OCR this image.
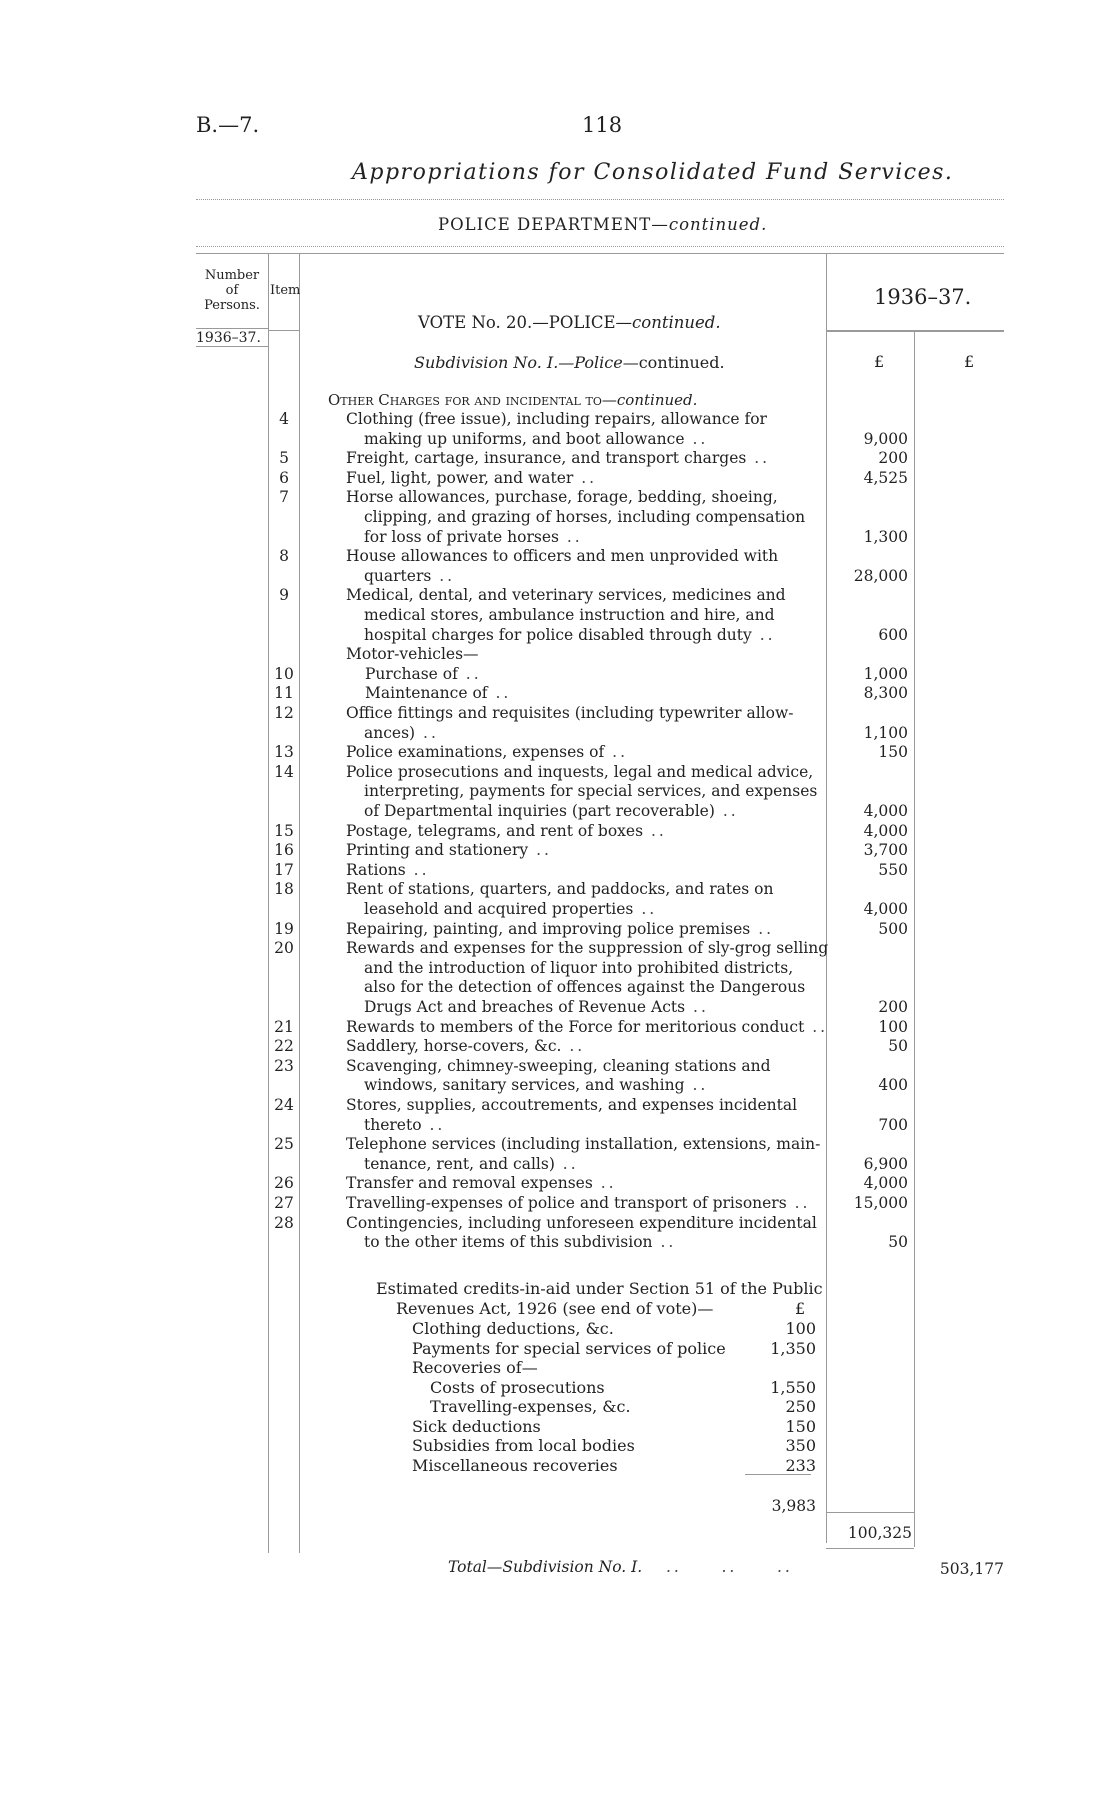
B.—7.	118
Appropriations for Consolidated Fund Services.
POLICE DEPARTMENT—continued.
Number
of
Persons.
Item
1936–37.
1936–37.
£	£
VOTE No. 20.—POLICE—continued.
Subdivision No. I.—Police—continued.
Other Charges for and incidental to—continued.
4	Clothing (free issue), including repairs, allowance for
making up uniforms, and boot allowance ..	9,000
5	Freight, cartage, insurance, and transport charges ..	200
6	Fuel, light, power, and water ..	4,525
7	Horse allowances, purchase, forage, bedding, shoeing,
clipping, and grazing of horses, including compensation
for loss of private horses ..	1,300
8	House allowances to officers and men unprovided with
quarters ..	28,000
9	Medical, dental, and veterinary services, medicines and
medical stores, ambulance instruction and hire, and
hospital charges for police disabled through duty ..	600
Motor-vehicles—
10	Purchase of ..	1,000
11	Maintenance of ..	8,300
12	Office fittings and requisites (including typewriter allow-
ances) ..	1,100
13	Police examinations, expenses of ..	150
14	Police prosecutions and inquests, legal and medical advice,
interpreting, payments for special services, and expenses
of Departmental inquiries (part recoverable) ..	4,000
15	Postage, telegrams, and rent of boxes ..	4,000
16	Printing and stationery ..	3,700
17	Rations ..	550
18	Rent of stations, quarters, and paddocks, and rates on
leasehold and acquired properties ..	4,000
19	Repairing, painting, and improving police premises ..	500
20	Rewards and expenses for the suppression of sly-grog selling
and the introduction of liquor into prohibited districts,
also for the detection of offences against the Dangerous
Drugs Act and breaches of Revenue Acts ..	200
21	Rewards to members of the Force for meritorious conduct ..	100
22	Saddlery, horse-covers, &c. ..	50
23	Scavenging, chimney-sweeping, cleaning stations and
windows, sanitary services, and washing ..	400
24	Stores, supplies, accoutrements, and expenses incidental
thereto ..	700
25	Telephone services (including installation, extensions, main-
tenance, rent, and calls) ..	6,900
26	Transfer and removal expenses ..	4,000
27	Travelling-expenses of police and transport of prisoners ..	15,000
28	Contingencies, including unforeseen expenditure incidental
to the other items of this subdivision ..	50
Estimated credits-in-aid under Section 51 of the Public
Revenues Act, 1926 (see end of vote)—	£
Clothing deductions, &c.	100
Payments for special services of police	1,350
Recoveries of—
Costs of prosecutions	1,550
Travelling-expenses, &c.	250
Sick deductions	150
Subsidies from local bodies	350
Miscellaneous recoveries	233
3,983
100,325
Total—Subdivision No. I.   ..     ..     ..	503,177
